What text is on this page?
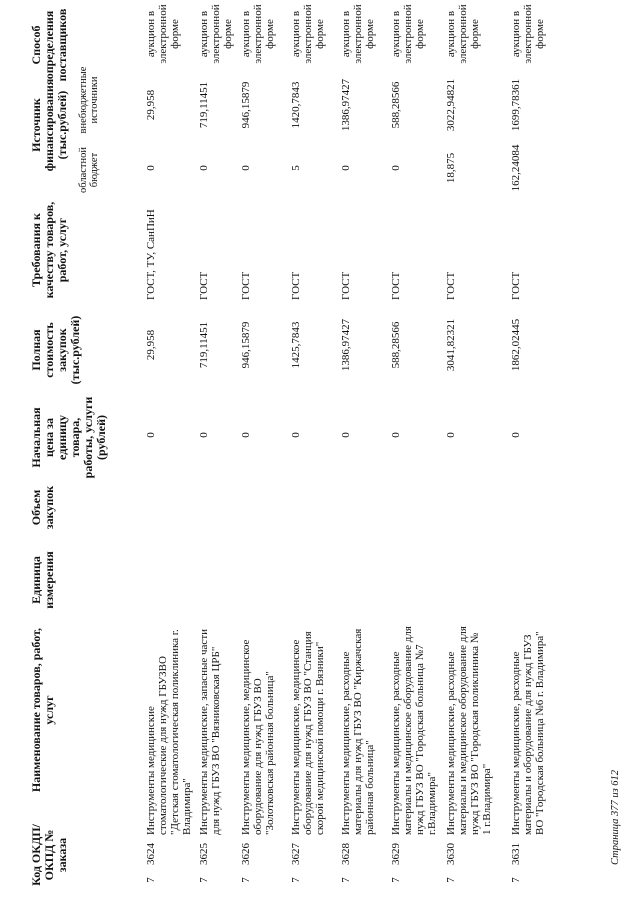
Код ОКДП/ ОКПД № заказа
Наименование товаров, работ, услуг
Единица измерения
Объем закупок
Начальная цена за единицу товара, работы, услуги (рублей)
Полная стоимость закупок (тыс.рублей)
Требования к качеству товаров, работ, услуг
Источник финансирования (тыс.рублей)
областной бюджет
внебюджетные источники
Способ определения поставщиков
7
3624
Инструменты медицинские стоматологические для нужд ГБУЗВО "Детская стоматологическая поликлиника г. Владимира"
0
29,958
ГОСТ, ТУ, СанПиН
0
29,958
аукцион в электронной форме
7
3625
Инструменты медицинские, запасные части для нужд ГБУЗ ВО "Вязниковская ЦРБ"
0
719,11451
ГОСТ
0
719,11451
аукцион в электронной форме
7
3626
Инструменты медицинские, медицинское оборудование для нужд ГБУЗ ВО "Золотковская районная больница"
0
946,15879
ГОСТ
0
946,15879
аукцион в электронной форме
7
3627
Инструменты медицинские, медицинское оборудование для нужд ГБУЗ ВО "Станция скорой медицинской помощи г. Вязники"
0
1425,7843
ГОСТ
5
1420,7843
аукцион в электронной форме
7
3628
Инструменты медицинские, расходные материалы для нужд ГБУЗ ВО "Киржачская районная больница"
0
1386,97427
ГОСТ
0
1386,97427
аукцион в электронной форме
7
3629
Инструменты медицинские, расходные материалы и медицинское оборудование для нужд ГБУЗ ВО "Городская больница №7 г.Владимира"
0
588,28566
ГОСТ
0
588,28566
аукцион в электронной форме
7
3630
Инструменты медицинские, расходные материалы и медицинское оборудование для нужд ГБУЗ ВО "Городская поликлиника № 1 г.Владимира"
0
3041,82321
ГОСТ
18,875
3022,94821
аукцион в электронной форме
7
3631
Инструменты медицинские, расходные материалы и оборудование для нужд ГБУЗ ВО "Городская больница №6 г. Владимира"
0
1862,02445
ГОСТ
162,24084
1699,78361
аукцион в электронной форме
Страница 377 из 612
